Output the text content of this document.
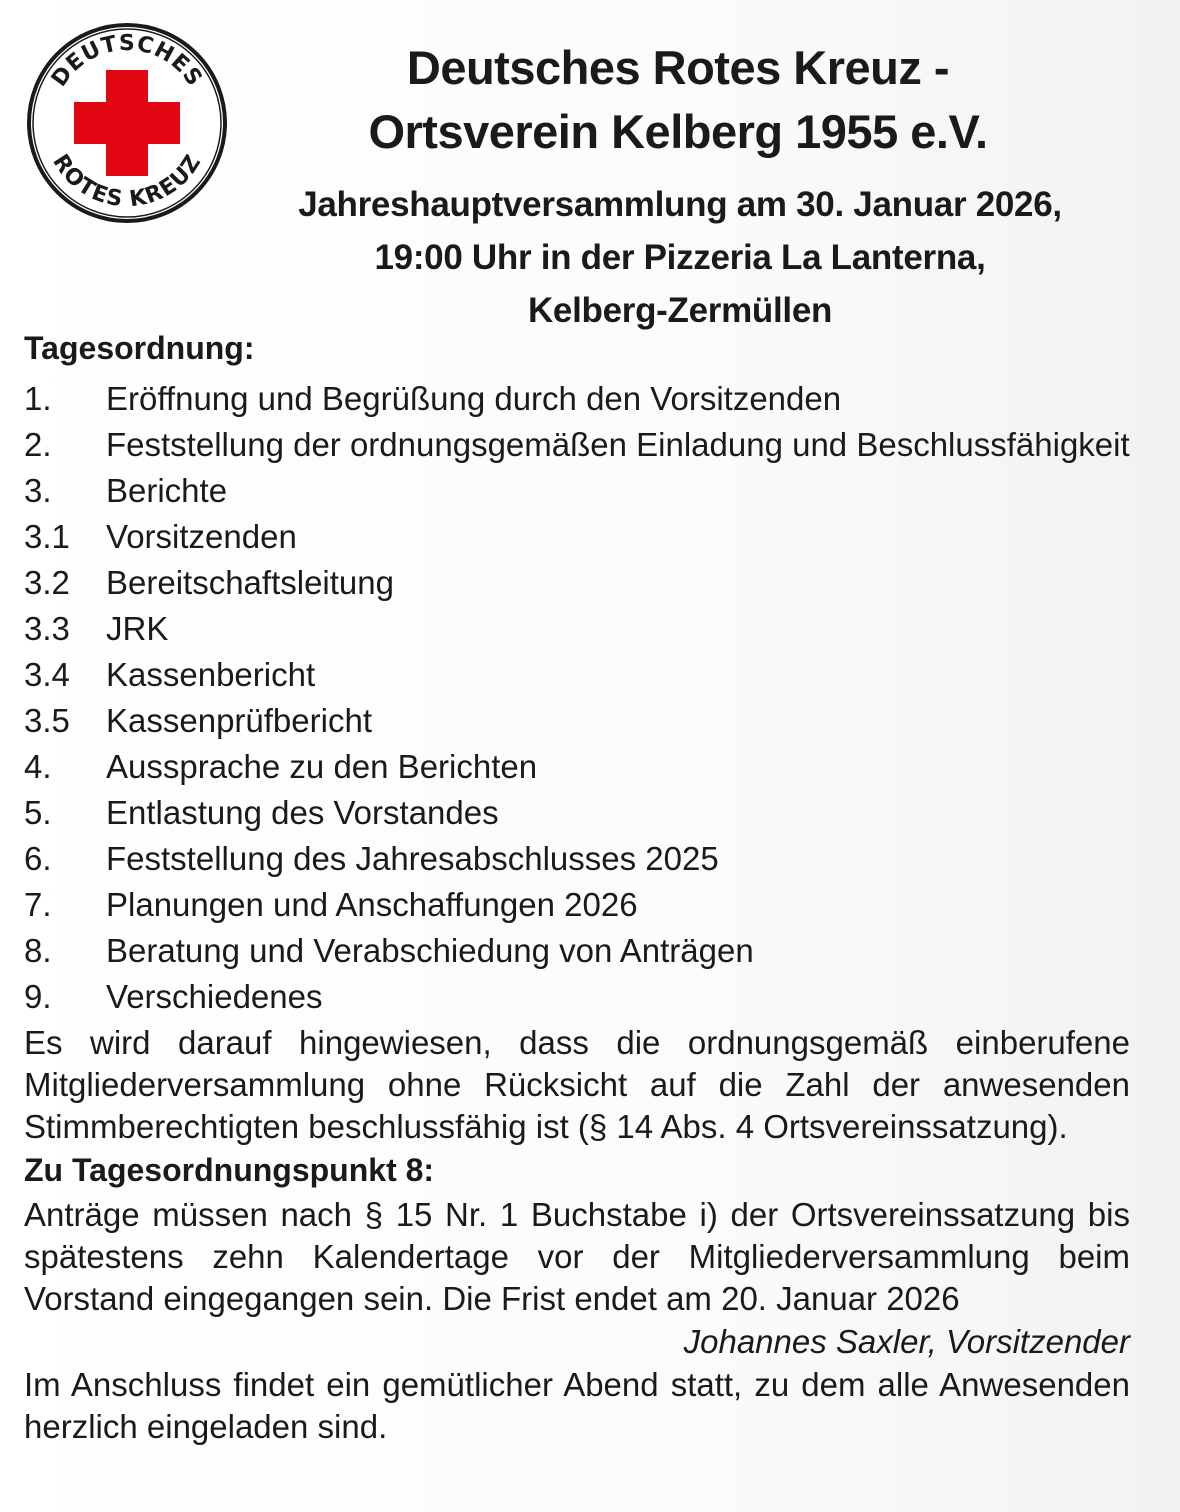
DEUTSCHES
ROTES KREUZ
Deutsches Rotes Kreuz -
Ortsverein Kelberg 1955 e.V.
Jahreshauptversammlung am 30. Januar 2026,
19:00 Uhr in der Pizzeria La Lanterna,
Kelberg-Zermüllen
Tagesordnung:
1.	Eröffnung und Begrüßung durch den Vorsitzenden
2.	Feststellung der ordnungsgemäßen Einladung und Beschlussfähigkeit
3.	Berichte
3.1	Vorsitzenden
3.2	Bereitschaftsleitung
3.3	JRK
3.4	Kassenbericht
3.5	Kassenprüfbericht
4.	Aussprache zu den Berichten
5.	Entlastung des Vorstandes
6.	Feststellung des Jahresabschlusses 2025
7.	Planungen und Anschaffungen 2026
8.	Beratung und Verabschiedung von Anträgen
9.	Verschiedenes
Es wird darauf hingewiesen, dass die ordnungsgemäß einberufene Mitgliederversammlung ohne Rücksicht auf die Zahl der anwesenden Stimmberechtigten beschlussfähig ist (§ 14 Abs. 4 Ortsvereinssatzung).
Zu Tagesordnungspunkt 8:
Anträge müssen nach § 15 Nr. 1 Buchstabe i) der Ortsvereinssatzung bis spätestens zehn Kalendertage vor der Mitgliederversammlung beim Vorstand eingegangen sein. Die Frist endet am 20. Januar 2026
Johannes Saxler, Vorsitzender
Im Anschluss findet ein gemütlicher Abend statt, zu dem alle Anwesenden herzlich eingeladen sind.
